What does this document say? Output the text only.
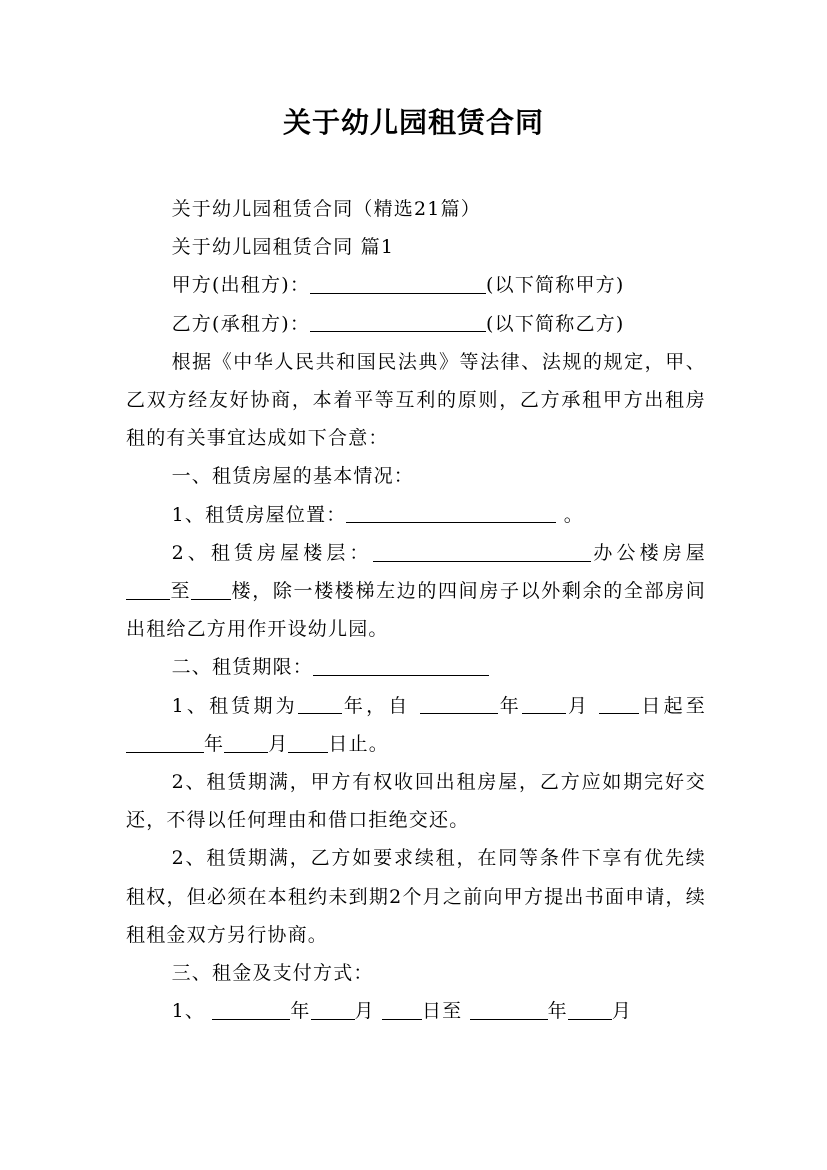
关于幼儿园租赁合同

关于幼儿园租赁合同（精选21篇）

关于幼儿园租赁合同 篇1

甲方(出租方)：	(以下简称甲方)

乙方(承租方)：	(以下简称乙方)

根据《中华人民共和国民法典》等法律、法规的规定，甲、乙双方经友好协商，本着平等互利的原则，乙方承租甲方出租房租的有关事宜达成如下合意：

一、租赁房屋的基本情况：

1、租赁房屋位置：	。

2、租赁房屋楼层：	办公楼房屋至 楼，除一楼楼梯左边的四间房子以外剩余的全部房间出租给乙方用作开设幼儿园。

二、租赁期限：

1、租赁期为 年，自	年 月 日起至年 月 日止。

2、租赁期满，甲方有权收回出租房屋，乙方应如期完好交还，不得以任何理由和借口拒绝交还。

2、租赁期满，乙方如要求续租，在同等条件下享有优先续租权，但必须在本租约未到期2个月之前向甲方提出书面申请，续租租金双方另行协商。

三、租金及支付方式：

1、	年 月 日至	年 月
